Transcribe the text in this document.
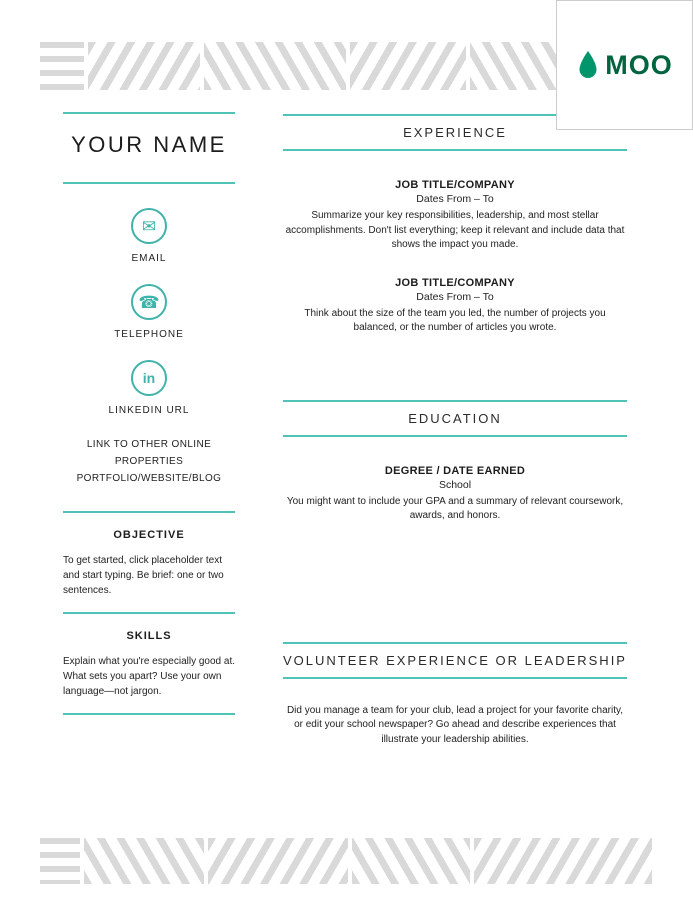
MOO
YOUR NAME
✉
EMAIL
☎
TELEPHONE
in
LINKEDIN URL
LINK TO OTHER ONLINE PROPERTIES PORTFOLIO/WEBSITE/BLOG
OBJECTIVE

To get started, click placeholder text and start typing. Be brief: one or two sentences.

SKILLS

Explain what you're especially good at. What sets you apart? Use your own language—not jargon.

EXPERIENCE
JOB TITLE/COMPANY
Dates From – To

Summarize your key responsibilities, leadership, and most stellar accomplishments. Don't list everything; keep it relevant and include data that shows the impact you made.

JOB TITLE/COMPANY
Dates From – To

Think about the size of the team you led, the number of projects you balanced, or the number of articles you wrote.

EDUCATION
DEGREE / DATE EARNED
School

You might want to include your GPA and a summary of relevant coursework, awards, and honors.

VOLUNTEER EXPERIENCE OR LEADERSHIP

Did you manage a team for your club, lead a project for your favorite charity, or edit your school newspaper? Go ahead and describe experiences that illustrate your leadership abilities.
